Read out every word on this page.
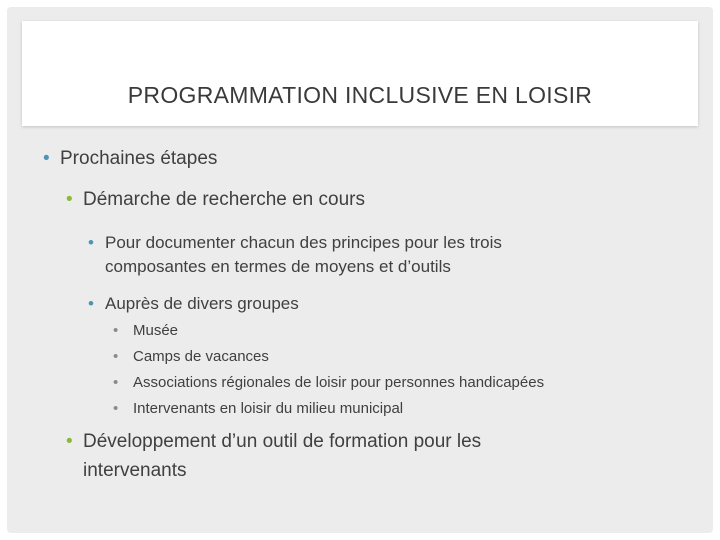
PROGRAMMATION INCLUSIVE EN LOISIR
• Prochaines étapes
• Démarche de recherche en cours
• Pour documenter chacun des principes pour les trois
composantes en termes de moyens et d’outils
• Auprès de divers groupes
• Musée
• Camps de vacances
• Associations régionales de loisir pour personnes handicapées
• Intervenants en loisir du milieu municipal
• Développement d’un outil de formation pour les
intervenants
